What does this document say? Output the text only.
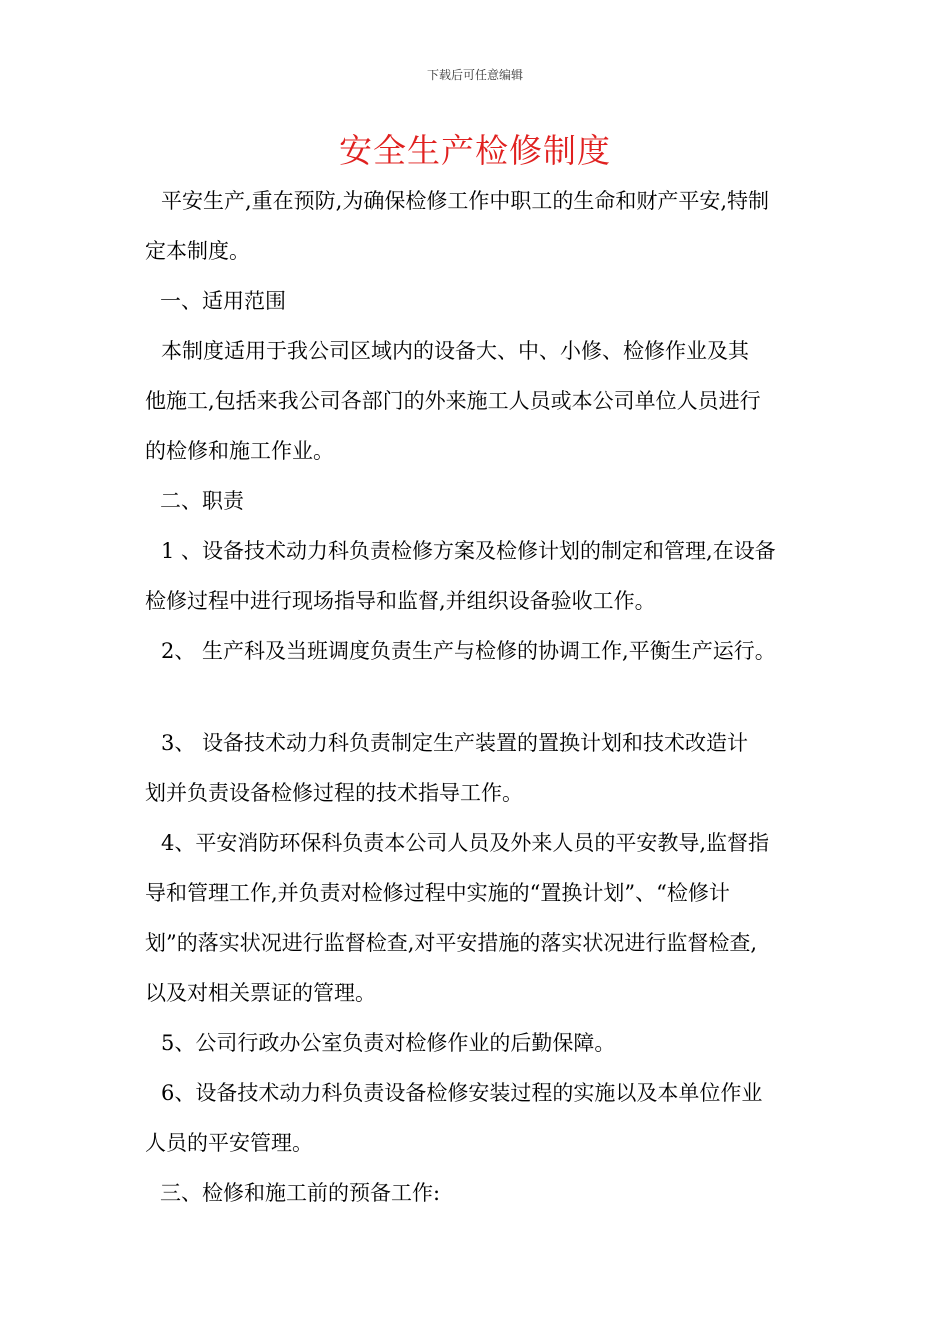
下载后可任意编辑
安全生产检修制度
平安生产,重在预防,为确保检修工作中职工的生命和财产平安,特制
定本制度。
一、适用范围
本制度适用于我公司区域内的设备大、中、小修、检修作业及其
他施工,包括来我公司各部门的外来施工人员或本公司单位人员进行
的检修和施工作业。
二、职责
1 、设备技术动力科负责检修方案及检修计划的制定和管理,在设备
检修过程中进行现场指导和监督,并组织设备验收工作。
2、 生产科及当班调度负责生产与检修的协调工作,平衡生产运行。
3、 设备技术动力科负责制定生产装置的置换计划和技术改造计
划并负责设备检修过程的技术指导工作。
4、平安消防环保科负责本公司人员及外来人员的平安教导,监督指
导和管理工作,并负责对检修过程中实施的“置换计划”、“检修计
划”的落实状况进行监督检查,对平安措施的落实状况进行监督检查,
以及对相关票证的管理。
5、公司行政办公室负责对检修作业的后勤保障。
6、设备技术动力科负责设备检修安装过程的实施以及本单位作业
人员的平安管理。
三、检修和施工前的预备工作:
